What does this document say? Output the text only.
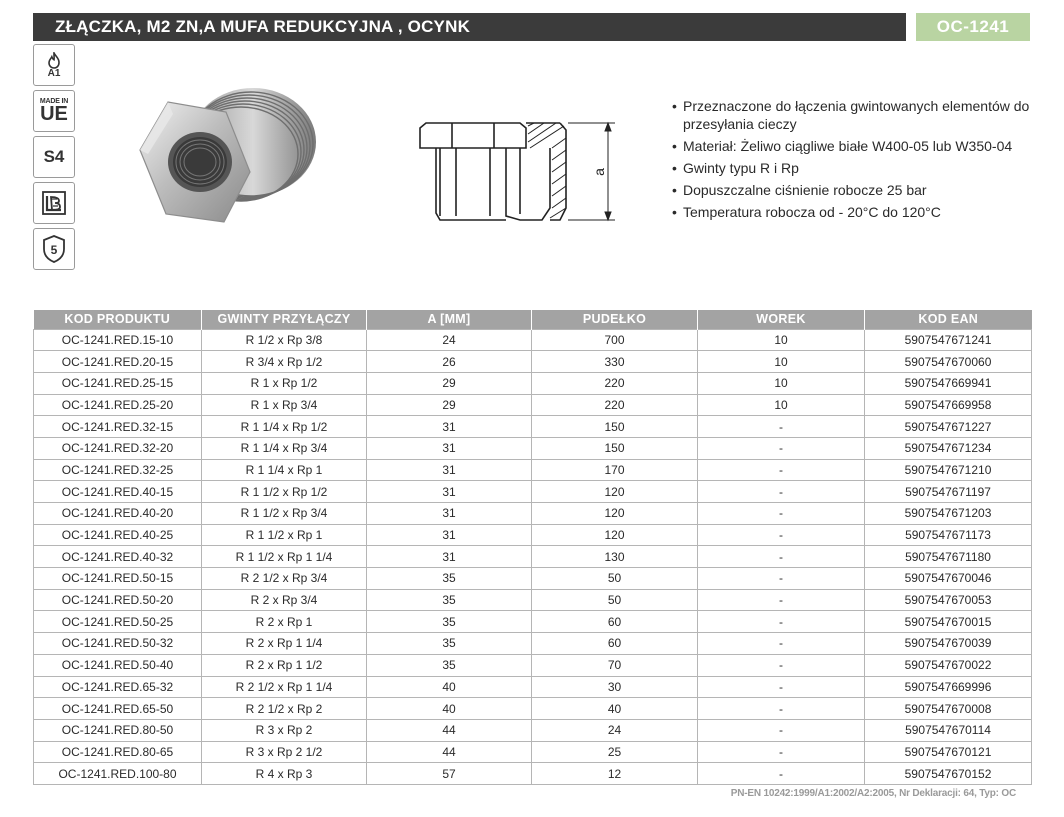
ZŁĄCZKA, M2 ZN,A MUFA REDUKCYJNA , OCYNK	OC-1241
A1
MADE IN
UE
S4
5
a
• Przeznaczone do łączenia gwintowanych elementów do przesyłania cieczy
• Materiał: Żeliwo ciągliwe białe W400-05 lub W350-04
• Gwinty typu R i Rp
• Dopuszczalne ciśnienie robocze 25 bar
• Temperatura robocza od - 20°C do 120°C
KOD PRODUKTU	GWINTY PRZYŁĄCZY	A [MM]	PUDEŁKO	WOREK	KOD EAN
OC-1241.RED.15-10	R 1/2 x Rp 3/8	24	700	10	5907547671241
OC-1241.RED.20-15	R 3/4 x Rp 1/2	26	330	10	5907547670060
OC-1241.RED.25-15	R 1 x Rp 1/2	29	220	10	5907547669941
OC-1241.RED.25-20	R 1 x Rp 3/4	29	220	10	5907547669958
OC-1241.RED.32-15	R 1 1/4 x Rp 1/2	31	150	-	5907547671227
OC-1241.RED.32-20	R 1 1/4 x Rp 3/4	31	150	-	5907547671234
OC-1241.RED.32-25	R 1 1/4 x Rp 1	31	170	-	5907547671210
OC-1241.RED.40-15	R 1 1/2 x Rp 1/2	31	120	-	5907547671197
OC-1241.RED.40-20	R 1 1/2 x Rp 3/4	31	120	-	5907547671203
OC-1241.RED.40-25	R 1 1/2 x Rp 1	31	120	-	5907547671173
OC-1241.RED.40-32	R 1 1/2 x Rp 1 1/4	31	130	-	5907547671180
OC-1241.RED.50-15	R 2 1/2 x Rp 3/4	35	50	-	5907547670046
OC-1241.RED.50-20	R 2 x Rp 3/4	35	50	-	5907547670053
OC-1241.RED.50-25	R 2 x Rp 1	35	60	-	5907547670015
OC-1241.RED.50-32	R 2 x Rp 1 1/4	35	60	-	5907547670039
OC-1241.RED.50-40	R 2 x Rp 1 1/2	35	70	-	5907547670022
OC-1241.RED.65-32	R 2 1/2 x Rp 1 1/4	40	30	-	5907547669996
OC-1241.RED.65-50	R 2 1/2 x Rp 2	40	40	-	5907547670008
OC-1241.RED.80-50	R 3 x Rp 2	44	24	-	5907547670114
OC-1241.RED.80-65	R 3 x Rp 2 1/2	44	25	-	5907547670121
OC-1241.RED.100-80	R 4 x Rp 3	57	12	-	5907547670152
PN-EN 10242:1999/A1:2002/A2:2005, Nr Deklaracji: 64, Typ: OC
